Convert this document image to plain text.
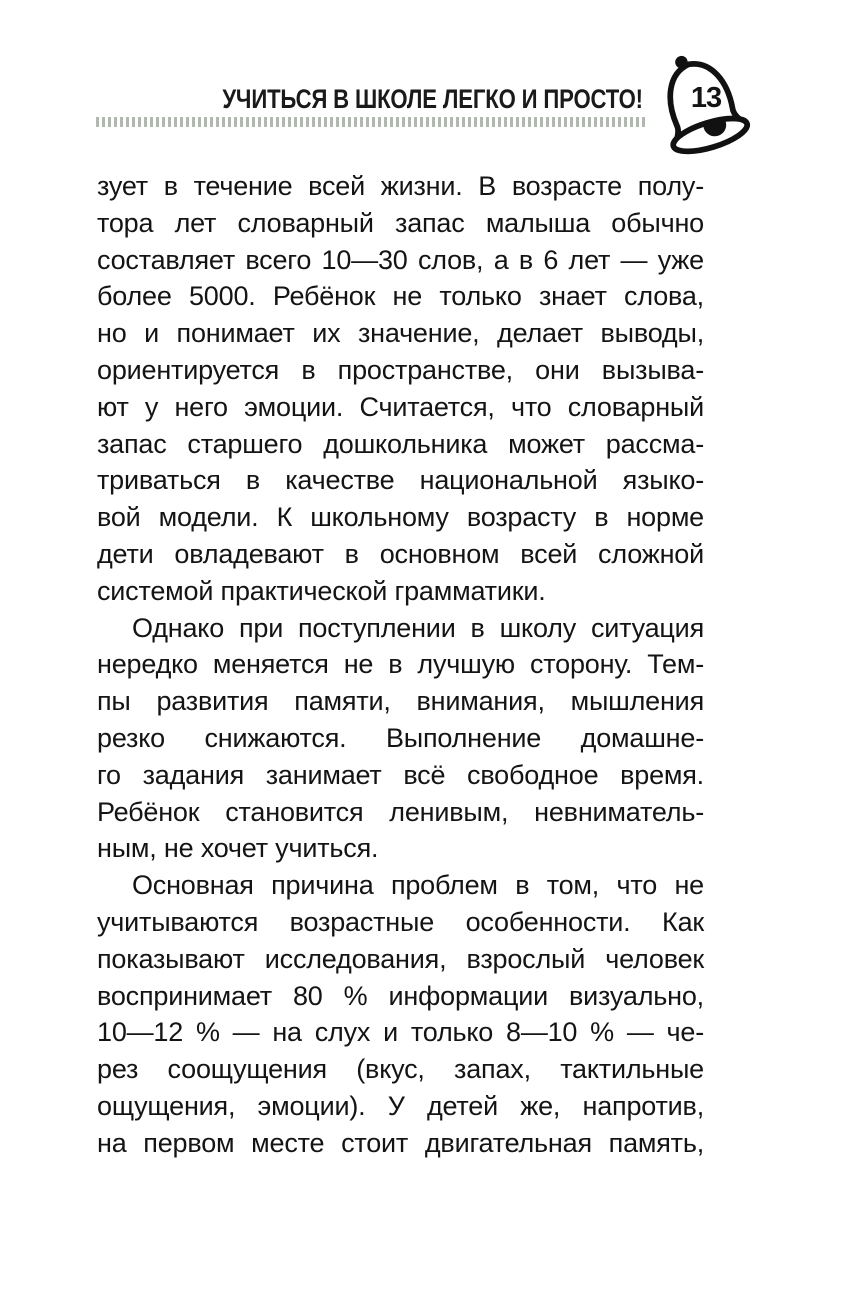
УЧИТЬСЯ В ШКОЛЕ ЛЕГКО И ПРОСТО!	13
зует в течение всей жизни. В возрасте полу-
тора лет словарный запас малыша обычно
составляет всего 10—30 слов, а в 6 лет — уже
более 5000. Ребёнок не только знает слова,
но и понимает их значение, делает выводы,
ориентируется в пространстве, они вызыва-
ют у него эмоции. Считается, что словарный
запас старшего дошкольника может рассма-
триваться в качестве национальной языко-
вой модели. К школьному возрасту в норме
дети овладевают в основном всей сложной
системой практической грамматики.
Однако при поступлении в школу ситуация
нередко меняется не в лучшую сторону. Тем-
пы развития памяти, внимания, мышления
резко снижаются. Выполнение домашне-
го задания занимает всё свободное время.
Ребёнок становится ленивым, невниматель-
ным, не хочет учиться.
Основная причина проблем в том, что не
учитываются возрастные особенности. Как
показывают исследования, взрослый человек
воспринимает 80 % информации визуально,
10—12 % — на слух и только 8—10 % — че-
рез соощущения (вкус, запах, тактильные
ощущения, эмоции). У детей же, напротив,
на первом месте стоит двигательная память,
